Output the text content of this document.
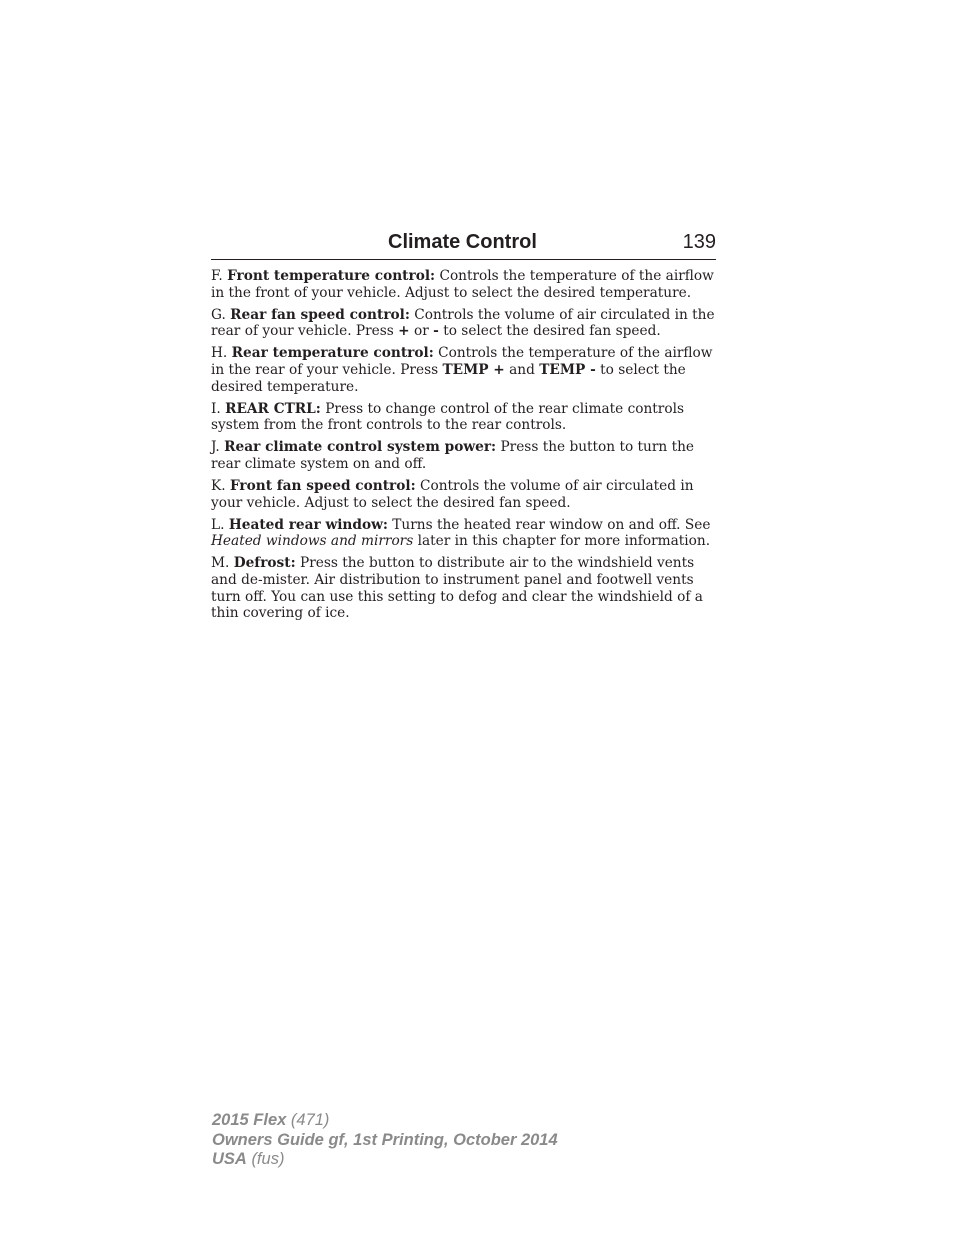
Climate Control	139

F. Front temperature control: Controls the temperature of the airflow in the front of your vehicle. Adjust to select the desired temperature.

G. Rear fan speed control: Controls the volume of air circulated in the rear of your vehicle. Press + or - to select the desired fan speed.

H. Rear temperature control: Controls the temperature of the airflow in the rear of your vehicle. Press TEMP + and TEMP - to select the desired temperature.

I. REAR CTRL: Press to change control of the rear climate controls system from the front controls to the rear controls.

J. Rear climate control system power: Press the button to turn the rear climate system on and off.

K. Front fan speed control: Controls the volume of air circulated in your vehicle. Adjust to select the desired fan speed.

L. Heated rear window: Turns the heated rear window on and off. See Heated windows and mirrors later in this chapter for more information.

M. Defrost: Press the button to distribute air to the windshield vents and de-mister. Air distribution to instrument panel and footwell vents turn off. You can use this setting to defog and clear the windshield of a thin covering of ice.

2015 Flex (471)
Owners Guide gf, 1st Printing, October 2014
USA (fus)
